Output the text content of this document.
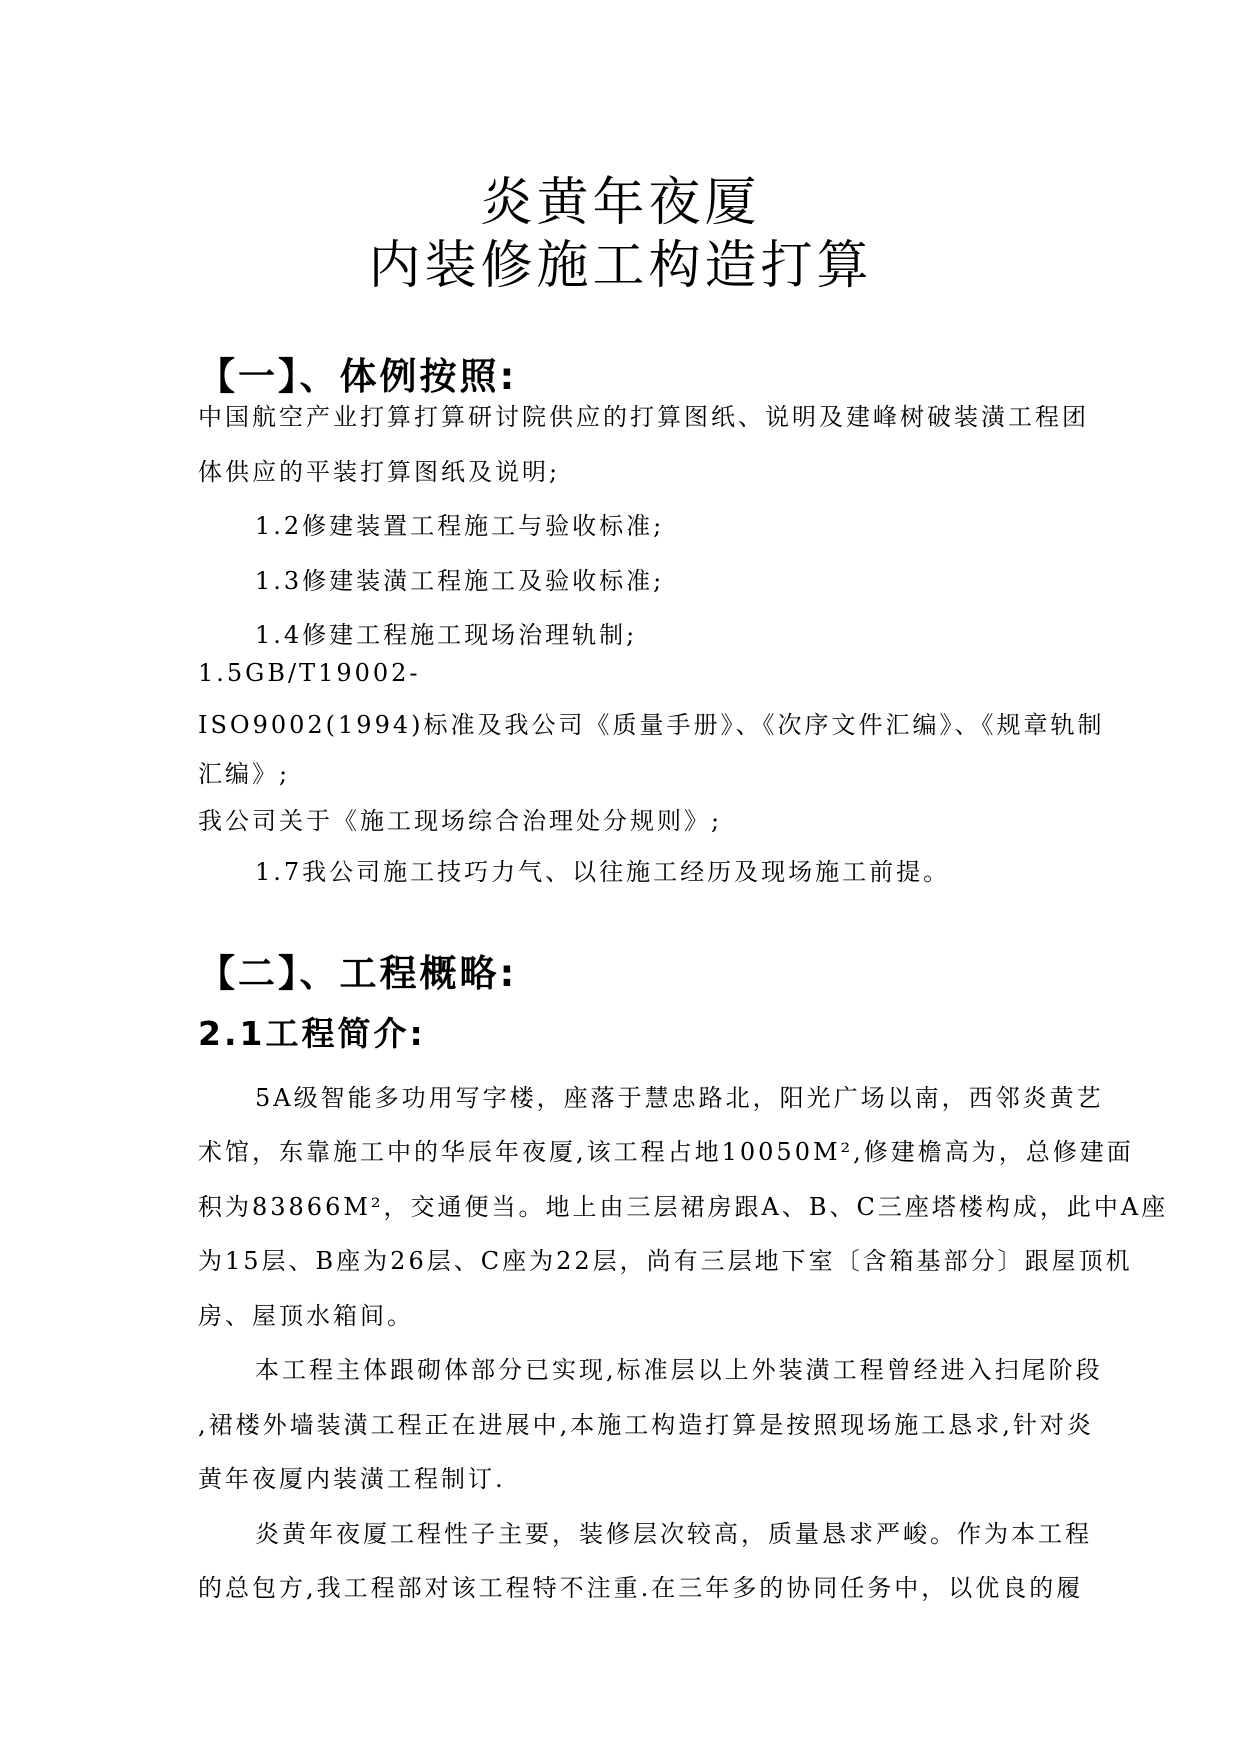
炎黄年夜厦
内装修施工构造打算
【一】、体例按照:
中国航空产业打算打算研讨院供应的打算图纸、说明及建峰树破装潢工程团
体供应的平装打算图纸及说明;
1.2修建装置工程施工与验收标准;
1.3修建装潢工程施工及验收标准;
1.4修建工程施工现场治理轨制;
1.5GB/T19002-
ISO9002(1994)标准及我公司《质量手册》、《次序文件汇编》、《规章轨制
汇编》;
我公司关于《施工现场综合治理处分规则》;
1.7我公司施工技巧力气、以往施工经历及现场施工前提。
【二】、工程概略:
2.1工程简介:
5A级智能多功用写字楼，座落于慧忠路北，阳光广场以南，西邻炎黄艺
术馆，东靠施工中的华辰年夜厦,该工程占地10050M²,修建檐高为，总修建面
积为83866M²，交通便当。地上由三层裙房跟A、B、C三座塔楼构成，此中A座
为15层、B座为26层、C座为22层，尚有三层地下室〔含箱基部分〕跟屋顶机
房、屋顶水箱间。
本工程主体跟砌体部分已实现,标准层以上外装潢工程曾经进入扫尾阶段
,裙楼外墙装潢工程正在进展中,本施工构造打算是按照现场施工恳求,针对炎
黄年夜厦内装潢工程制订.
炎黄年夜厦工程性子主要，装修层次较高，质量恳求严峻。作为本工程
的总包方,我工程部对该工程特不注重.在三年多的协同任务中，以优良的履
